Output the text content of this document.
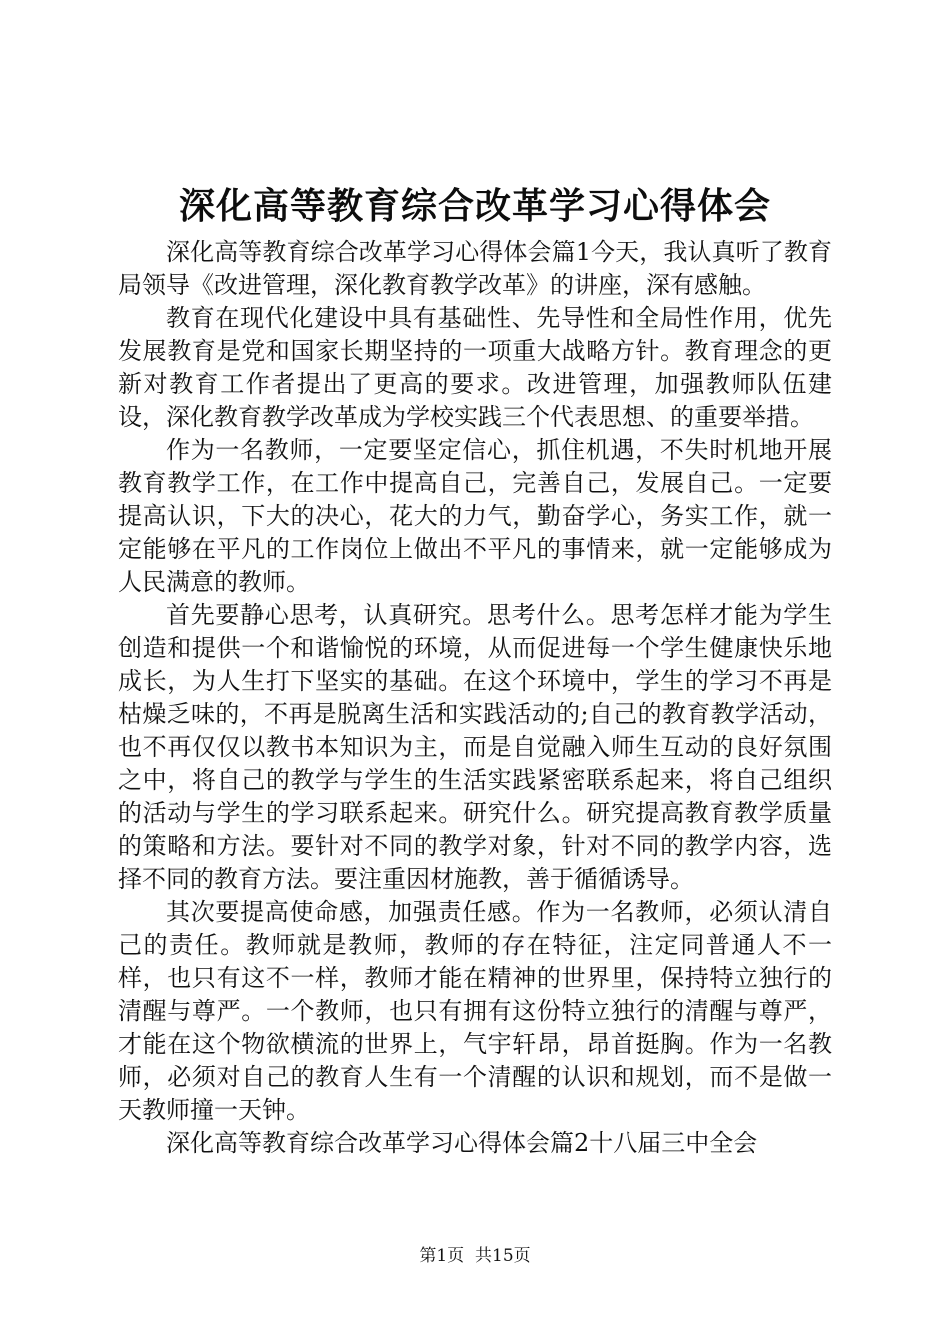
深化高等教育综合改革学习心得体会

深化高等教育综合改革学习心得体会篇1今天，我认真听了教育局领导《改进管理，深化教育教学改革》的讲座，深有感触。

教育在现代化建设中具有基础性、先导性和全局性作用，优先发展教育是党和国家长期坚持的一项重大战略方针。教育理念的更新对教育工作者提出了更高的要求。改进管理，加强教师队伍建设，深化教育教学改革成为学校实践三个代表思想、的重要举措。

作为一名教师，一定要坚定信心，抓住机遇，不失时机地开展教育教学工作，在工作中提高自己，完善自己，发展自己。一定要提高认识，下大的决心，花大的力气，勤奋学心，务实工作，就一定能够在平凡的工作岗位上做出不平凡的事情来，就一定能够成为人民满意的教师。

首先要静心思考，认真研究。思考什么。思考怎样才能为学生创造和提供一个和谐愉悦的环境，从而促进每一个学生健康快乐地成长，为人生打下坚实的基础。在这个环境中，学生的学习不再是枯燥乏味的，不再是脱离生活和实践活动的;自己的教育教学活动，也不再仅仅以教书本知识为主，而是自觉融入师生互动的良好氛围之中，将自己的教学与学生的生活实践紧密联系起来，将自己组织的活动与学生的学习联系起来。研究什么。研究提高教育教学质量的策略和方法。要针对不同的教学对象，针对不同的教学内容，选择不同的教育方法。要注重因材施教，善于循循诱导。

其次要提高使命感，加强责任感。作为一名教师，必须认清自己的责任。教师就是教师，教师的存在特征，注定同普通人不一样，也只有这不一样，教师才能在精神的世界里，保持特立独行的清醒与尊严。一个教师，也只有拥有这份特立独行的清醒与尊严，才能在这个物欲横流的世界上，气宇轩昂，昂首挺胸。作为一名教师，必须对自己的教育人生有一个清醒的认识和规划，而不是做一天教师撞一天钟。

深化高等教育综合改革学习心得体会篇2十八届三中全会

第1页 共15页
